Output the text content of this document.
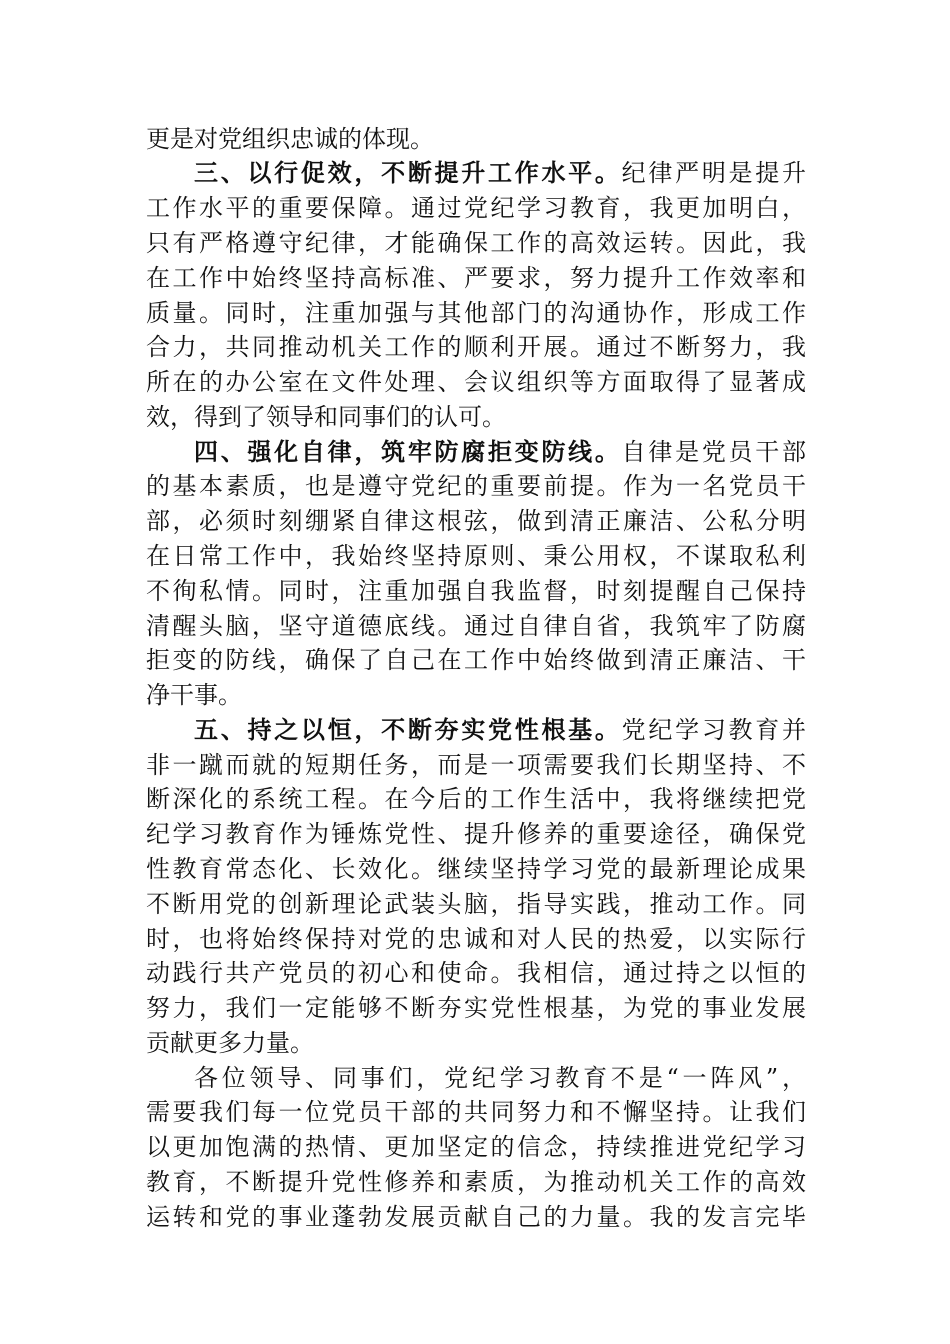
更是对党组织忠诚的体现。
三、以行促效，不断提升工作水平。纪律严明是提升
工作水平的重要保障。通过党纪学习教育，我更加明白，
只有严格遵守纪律，才能确保工作的高效运转。因此，我
在工作中始终坚持高标准、严要求，努力提升工作效率和
质量。同时，注重加强与其他部门的沟通协作，形成工作
合力，共同推动机关工作的顺利开展。通过不断努力，我
所在的办公室在文件处理、会议组织等方面取得了显著成
效，得到了领导和同事们的认可。
四、强化自律，筑牢防腐拒变防线。自律是党员干部
的基本素质，也是遵守党纪的重要前提。作为一名党员干
部，必须时刻绷紧自律这根弦，做到清正廉洁、公私分明
在日常工作中，我始终坚持原则、秉公用权，不谋取私利
不徇私情。同时，注重加强自我监督，时刻提醒自己保持
清醒头脑，坚守道德底线。通过自律自省，我筑牢了防腐
拒变的防线，确保了自己在工作中始终做到清正廉洁、干
净干事。
五、持之以恒，不断夯实党性根基。党纪学习教育并
非一蹴而就的短期任务，而是一项需要我们长期坚持、不
断深化的系统工程。在今后的工作生活中，我将继续把党
纪学习教育作为锤炼党性、提升修养的重要途径，确保党
性教育常态化、长效化。继续坚持学习党的最新理论成果
不断用党的创新理论武装头脑，指导实践，推动工作。同
时，也将始终保持对党的忠诚和对人民的热爱，以实际行
动践行共产党员的初心和使命。我相信，通过持之以恒的
努力，我们一定能够不断夯实党性根基，为党的事业发展
贡献更多力量。
各位领导、同事们，党纪学习教育不是“一阵风”，
需要我们每一位党员干部的共同努力和不懈坚持。让我们
以更加饱满的热情、更加坚定的信念，持续推进党纪学习
教育，不断提升党性修养和素质，为推动机关工作的高效
运转和党的事业蓬勃发展贡献自己的力量。我的发言完毕
